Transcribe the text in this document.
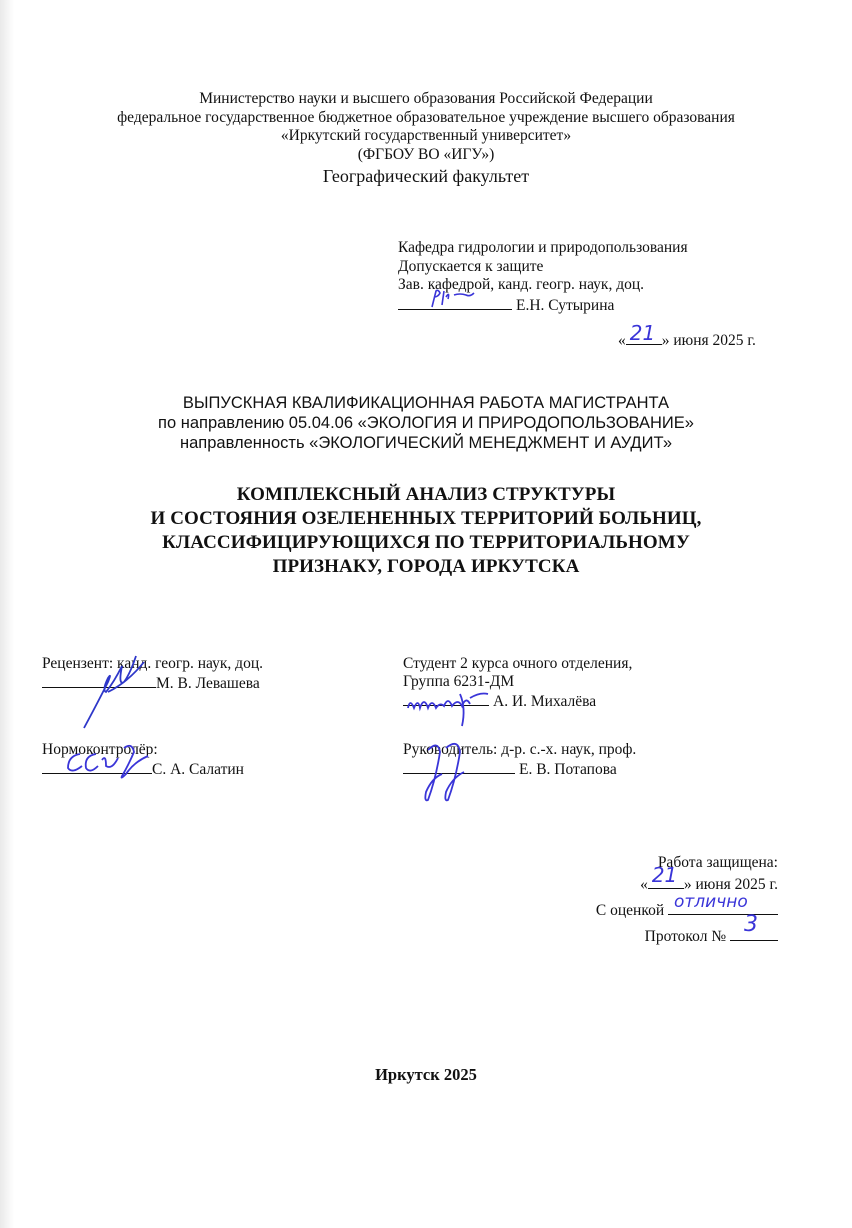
Министерство науки и высшего образования Российской Федерации
федеральное государственное бюджетное образовательное учреждение высшего образования
«Иркутский государственный университет»
(ФГБОУ ВО «ИГУ»)
Географический факультет
Кафедра гидрологии и природопользования
Допускается к защите
Зав. кафедрой, канд. геогр. наук, доц.
Е.Н. Сутырина
« 21 » июня 2025 г.
ВЫПУСКНАЯ КВАЛИФИКАЦИОННАЯ РАБОТА МАГИСТРАНТА
по направлению 05.04.06 «ЭКОЛОГИЯ И ПРИРОДОПОЛЬЗОВАНИЕ»
направленность «ЭКОЛОГИЧЕСКИЙ МЕНЕДЖМЕНТ И АУДИТ»
КОМПЛЕКСНЫЙ АНАЛИЗ СТРУКТУРЫ
И СОСТОЯНИЯ ОЗЕЛЕНЕННЫХ ТЕРРИТОРИЙ БОЛЬНИЦ,
КЛАССИФИЦИРУЮЩИХСЯ ПО ТЕРРИТОРИАЛЬНОМУ
ПРИЗНАКУ, ГОРОДА ИРКУТСКА
Рецензент: канд. геогр. наук, доц.
М. В. Левашева
Нормоконтролёр:
С. А. Салатин
Студент 2 курса очного отделения,
Группа 6231-ДМ
А. И. Михалёва
Руководитель: д-р. с.-х. наук, проф.
Е. В. Потапова
Работа защищена:
« 21 » июня 2025 г.
С оценкой отлично
Протокол № 3
Иркутск 2025
